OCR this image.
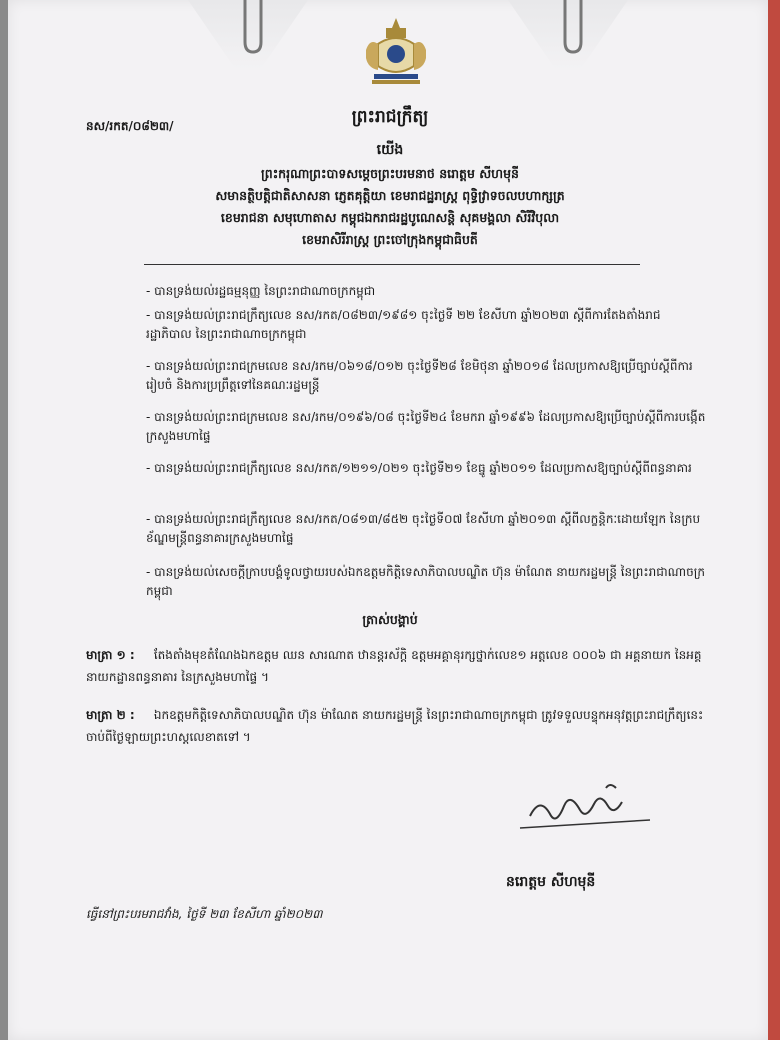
នស/រកត/០៨២៣/	ព្រះរាជក្រឹត្យ
យើង
ព្រះករុណាព្រះបាទសម្តេចព្រះបរមនាថ នរោត្តម សីហមុនី
សមានត្ថិបត្តិជាតិសាសនា ភ្ញេតគុត្តិយា ខេមរាជដ្ឋរាស្ត្រ ពុទ្ធិវ្រាទចលបហាក្សត្រ
ខេមរាជនា សមុហោតាស កម្ពុជឯករាជរដ្ឋបូណេសន្តិ សុគមង្គលា សិរីវិបុលា
ខេមរាសិរីរាស្ត្រ ព្រះចៅក្រុងកម្ពុជាធិបតី
- បានទ្រង់យល់រដ្ឋធម្មនុញ្ញ នៃព្រះរាជាណាចក្រកម្ពុជា
- បានទ្រង់យល់ព្រះរាជក្រឹត្យលេខ នស/រកត/០៨២៣/១៩៨១ ចុះថ្ងៃទី ២២ ខែសីហា ឆ្នាំ២០២៣ ស្តីពីការតែងតាំងរាជរដ្ឋាភិបាល នៃព្រះរាជាណាចក្រកម្ពុជា
- បានទ្រង់យល់ព្រះរាជក្រមលេខ នស/រកម/០៦១៨/០១២ ចុះថ្ងៃទី២៨ ខែមិថុនា ឆ្នាំ២០១៨ ដែលប្រកាសឱ្យប្រើច្បាប់ស្តីពីការរៀបចំ និងការប្រព្រឹត្តទៅនៃគណៈរដ្ឋមន្ត្រី
- បានទ្រង់យល់ព្រះរាជក្រមលេខ នស/រកម/០១៩៦/០៨ ចុះថ្ងៃទី២៤ ខែមករា ឆ្នាំ១៩៩៦ ដែលប្រកាសឱ្យប្រើច្បាប់ស្តីពីការបង្កើតក្រសួងមហាផ្ទៃ
- បានទ្រង់យល់ព្រះរាជក្រឹត្យលេខ នស/រកត/១២១១/០២១ ចុះថ្ងៃទី២១ ខែធ្នូ ឆ្នាំ២០១១ ដែលប្រកាសឱ្យច្បាប់ស្តីពីពន្ធនាគារ
- បានទ្រង់យល់ព្រះរាជក្រឹត្យលេខ នស/រកត/០៨១៣/៨៥២ ចុះថ្ងៃទី០៧ ខែសីហា ឆ្នាំ២០១៣ ស្តីពីលក្ខន្តិកៈដោយឡែក នៃក្របខ័ណ្ឌមន្ត្រីពន្ធនាគារក្រសួងមហាផ្ទៃ
- បានទ្រង់យល់សេចក្តីក្រាបបង្គំទូលថ្វាយរបស់ឯកឧត្តមកិត្តិទេសាភិបាលបណ្ឌិត ហ៊ុន ម៉ាណែត នាយករដ្ឋមន្ត្រី នៃព្រះរាជាណាចក្រកម្ពុជា
ត្រាស់បង្គាប់
មាត្រា ១ : តែងតាំងមុខតំណែងឯកឧត្តម ឈន សារណាត ឋានន្តរស័ក្តិ ឧត្តមអគ្គានុរក្សថ្នាក់លេខ១ អត្តលេខ ០០០៦ ជា អគ្គនាយក នៃអគ្គនាយកដ្ឋានពន្ធនាគារ នៃក្រសួងមហាផ្ទៃ ។
មាត្រា ២ : ឯកឧត្តមកិត្តិទេសាភិបាលបណ្ឌិត ហ៊ុន ម៉ាណែត នាយករដ្ឋមន្ត្រី នៃព្រះរាជាណាចក្រកម្ពុជា ត្រូវទទួលបន្ទុកអនុវត្តព្រះរាជក្រឹត្យនេះ ចាប់ពីថ្ងៃឡាយព្រះហស្តលេខាតទៅ ។
នរោត្តម សីហមុនី
ធ្វើនៅព្រះបរមរាជវាំង, ថ្ងៃទី ២៣ ខែសីហា ឆ្នាំ២០២៣
